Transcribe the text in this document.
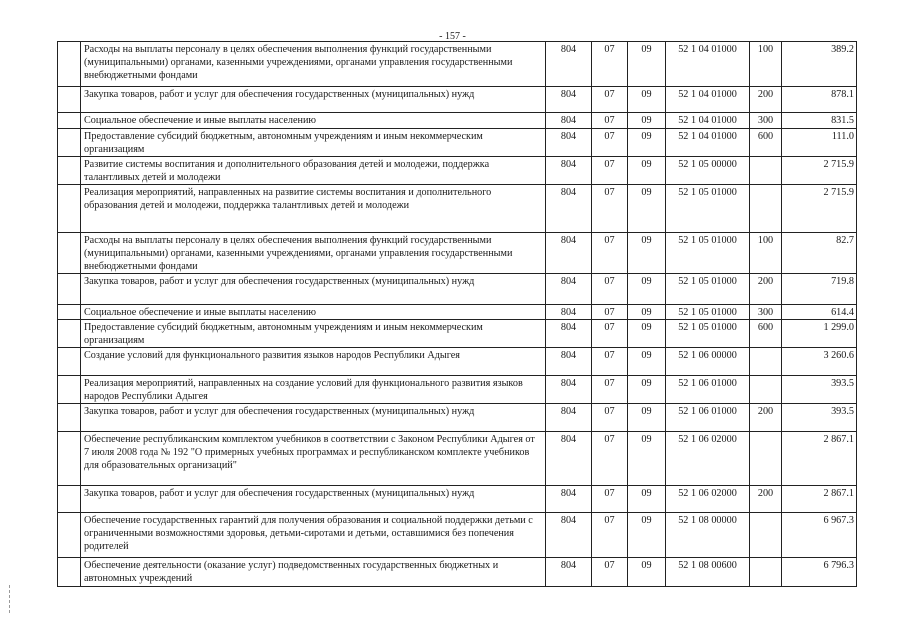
- 157 -
	Расходы на выплаты персоналу в целях обеспечения выполнения функций государственными (муниципальными) органами, казенными учреждениями, органами управления государственными внебюджетными фондами	804	07	09	52 1 04 01000	100	389.2
	Закупка товаров, работ и услуг для обеспечения государственных (муниципальных) нужд	804	07	09	52 1 04 01000	200	878.1
	Социальное обеспечение и иные выплаты населению	804	07	09	52 1 04 01000	300	831.5
	Предоставление субсидий бюджетным, автономным учреждениям и иным некоммерческим организациям	804	07	09	52 1 04 01000	600	111.0
	Развитие системы воспитания и дополнительного образования детей и молодежи, поддержка талантливых детей и молодежи	804	07	09	52 1 05 00000		2 715.9
	Реализация мероприятий, направленных на развитие системы воспитания и дополнительного образования детей и молодежи, поддержка талантливых детей и молодежи	804	07	09	52 1 05 01000		2 715.9
	Расходы на выплаты персоналу в целях обеспечения выполнения функций государственными (муниципальными) органами, казенными учреждениями, органами управления государственными внебюджетными фондами	804	07	09	52 1 05 01000	100	82.7
	Закупка товаров, работ и услуг для обеспечения государственных (муниципальных) нужд	804	07	09	52 1 05 01000	200	719.8
	Социальное обеспечение и иные выплаты населению	804	07	09	52 1 05 01000	300	614.4
	Предоставление субсидий бюджетным, автономным учреждениям и иным некоммерческим организациям	804	07	09	52 1 05 01000	600	1 299.0
	Создание условий для функционального развития языков народов Республики Адыгея	804	07	09	52 1 06 00000		3 260.6
	Реализация мероприятий, направленных на создание условий для функционального развития языков народов Республики Адыгея	804	07	09	52 1 06 01000		393.5
	Закупка товаров, работ и услуг для обеспечения государственных (муниципальных) нужд	804	07	09	52 1 06 01000	200	393.5
	Обеспечение республиканским комплектом учебников в соответствии с Законом Республики Адыгея от 7 июля 2008 года № 192 "О примерных учебных программах и республиканском комплекте учебников для образовательных организаций"	804	07	09	52 1 06 02000		2 867.1
	Закупка товаров, работ и услуг для обеспечения государственных (муниципальных) нужд	804	07	09	52 1 06 02000	200	2 867.1
	Обеспечение государственных гарантий для получения образования и социальной поддержки детьми с ограниченными возможностями здоровья, детьми-сиротами и детьми, оставшимися без попечения родителей	804	07	09	52 1 08 00000		6 967.3
	Обеспечение деятельности (оказание услуг) подведомственных государственных бюджетных и автономных учреждений	804	07	09	52 1 08 00600		6 796.3
